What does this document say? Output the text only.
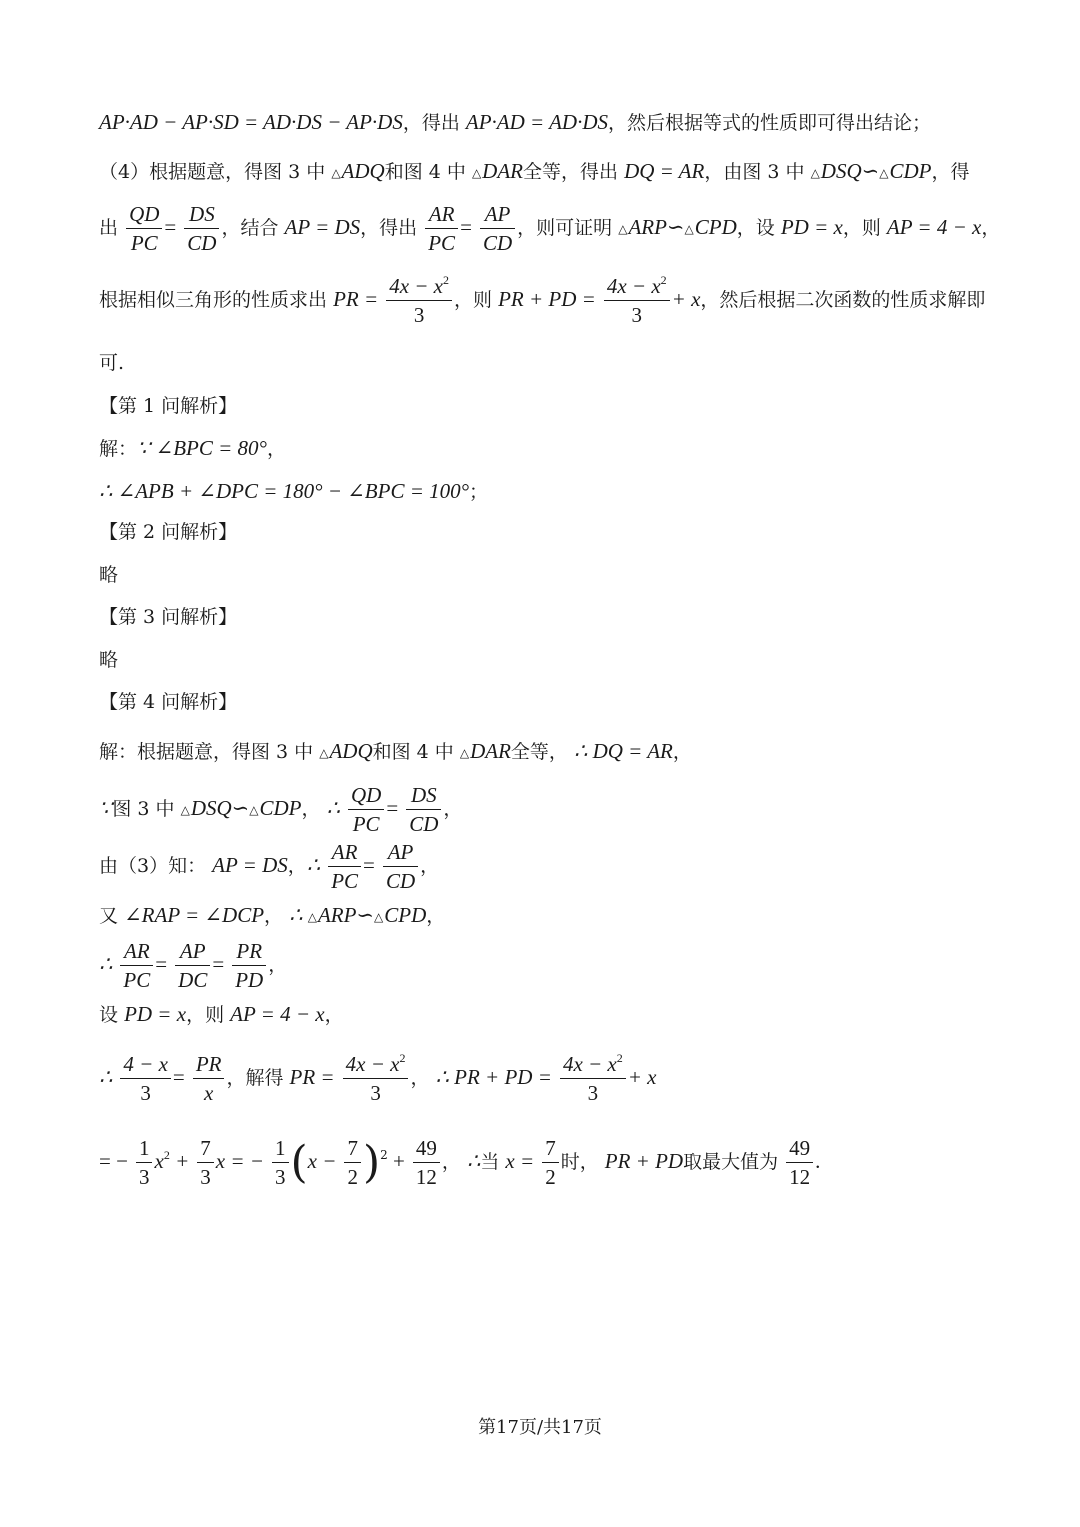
AP·AD − AP·SD = AD·DS − AP·DS，得出 AP·AD = AD·DS，然后根据等式的性质即可得出结论；
（4）根据题意，得图 3 中 △ADQ和图 4 中 △DAR全等，得出 DQ = AR，由图 3 中 △DSQ∽△CDP，得
出 $\frac{QD}{PC} = \frac{DS}{CD}$ ，结合 AP = DS，得出 $\frac{AR}{PC} = \frac{AP}{CD}$ ，则可证明 △ARP∽△CPD，设 PD = x，则 AP = 4 − x，
根据相似三角形的性质求出 PR = $\frac{4x - x^2}{3}$ ，则 PR + PD = $\frac{4x - x^2}{3} + x$，然后根据二次函数的性质求解即
可.
【第 1 问解析】
解：∵ ∠BPC = 80°，
∴ ∠APB + ∠DPC = 180° − ∠BPC = 100°；
【第 2 问解析】
略
【第 3 问解析】
略
【第 4 问解析】
解：根据题意，得图 3 中 △ADQ和图 4 中 △DAR全等， ∴ DQ = AR，
∵图 3 中 △DSQ∽△CDP， ∴ $\frac{QD}{PC} = \frac{DS}{CD}$ ，
由（3）知： AP = DS，∴ $\frac{AR}{PC} = \frac{AP}{CD}$ ，
又 ∠RAP = ∠DCP， ∴ △ARP∽△CPD，
∴ $\frac{AR}{PC} = \frac{AP}{DC} = \frac{PR}{PD}$ ，
设 PD = x，则 AP = 4 − x，
∴ $\frac{4 - x}{3} = \frac{PR}{x}$ ，解得 PR = $\frac{4x - x^2}{3}$ ， ∴ PR + PD = $\frac{4x - x^2}{3} + x$
= − $\frac{1}{3} x^2 + \frac{7}{3}$ x = − $\frac{1}{3} (x - \frac{7}{2} )^2 + \frac{49}{12}$ ， ∴当 $x = \frac{7}{2}$ 时， PR + PD取最大值为 $\frac{49}{12}$ .
第17页/共17页
